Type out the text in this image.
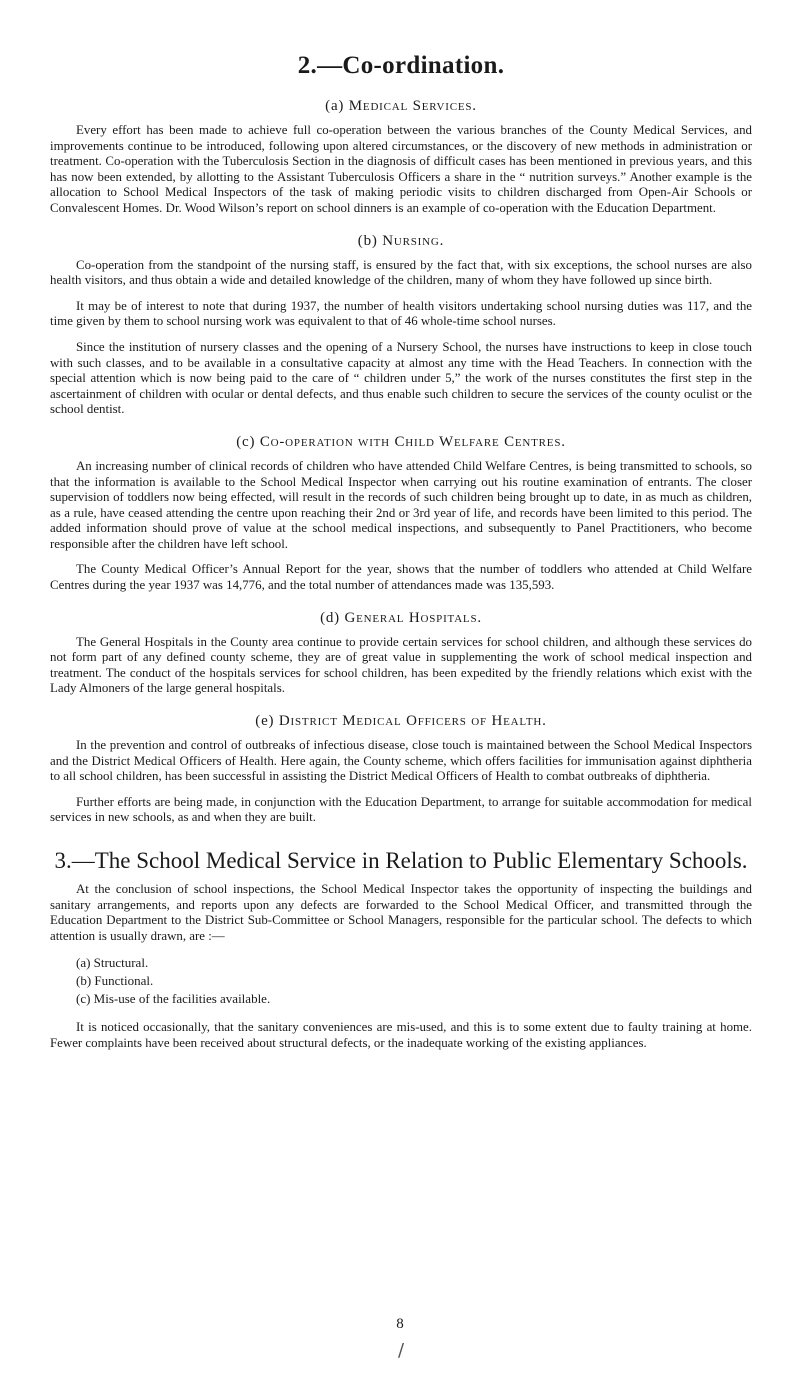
2.—Co-ordination.
(a) Medical Services.

Every effort has been made to achieve full co-operation between the various branches of the County Medical Services, and improvements continue to be introduced, following upon altered circumstances, or the discovery of new methods in administration or treatment. Co-operation with the Tuberculosis Section in the diagnosis of difficult cases has been mentioned in previous years, and this has now been extended, by allotting to the Assistant Tuberculosis Officers a share in the “ nutrition surveys.” Another example is the allocation to School Medical Inspectors of the task of making periodic visits to children discharged from Open-Air Schools or Convalescent Homes. Dr. Wood Wilson’s report on school dinners is an example of co-operation with the Education Department.

(b) Nursing.

Co-operation from the standpoint of the nursing staff, is ensured by the fact that, with six exceptions, the school nurses are also health visitors, and thus obtain a wide and detailed knowledge of the children, many of whom they have followed up since birth.

It may be of interest to note that during 1937, the number of health visitors undertaking school nursing duties was 117, and the time given by them to school nursing work was equivalent to that of 46 whole-time school nurses.

Since the institution of nursery classes and the opening of a Nursery School, the nurses have instructions to keep in close touch with such classes, and to be available in a consultative capacity at almost any time with the Head Teachers. In connection with the special attention which is now being paid to the care of “ children under 5,” the work of the nurses constitutes the first step in the ascertainment of children with ocular or dental defects, and thus enable such children to secure the services of the county oculist or the school dentist.

(c) Co-operation with Child Welfare Centres.

An increasing number of clinical records of children who have attended Child Welfare Centres, is being transmitted to schools, so that the information is available to the School Medical Inspector when carrying out his routine examination of entrants. The closer supervision of toddlers now being effected, will result in the records of such children being brought up to date, in as much as children, as a rule, have ceased attending the centre upon reaching their 2nd or 3rd year of life, and records have been limited to this period. The added information should prove of value at the school medical inspections, and subsequently to Panel Practitioners, who become responsible after the children have left school.

The County Medical Officer’s Annual Report for the year, shows that the number of toddlers who attended at Child Welfare Centres during the year 1937 was 14,776, and the total number of attendances made was 135,593.

(d) General Hospitals.

The General Hospitals in the County area continue to provide certain services for school children, and although these services do not form part of any defined county scheme, they are of great value in supplementing the work of school medical inspection and treatment. The conduct of the hospitals services for school children, has been expedited by the friendly relations which exist with the Lady Almoners of the large general hospitals.

(e) District Medical Officers of Health.

In the prevention and control of outbreaks of infectious disease, close touch is maintained between the School Medical Inspectors and the District Medical Officers of Health. Here again, the County scheme, which offers facilities for immunisation against diphtheria to all school children, has been successful in assisting the District Medical Officers of Health to combat outbreaks of diphtheria.

Further efforts are being made, in conjunction with the Education Department, to arrange for suitable accommodation for medical services in new schools, as and when they are built.

3.—The School Medical Service in Relation to Public Elementary Schools.

At the conclusion of school inspections, the School Medical Inspector takes the opportunity of inspecting the buildings and sanitary arrangements, and reports upon any defects are forwarded to the School Medical Officer, and transmitted through the Education Department to the District Sub-Committee or School Managers, responsible for the particular school. The defects to which attention is usually drawn, are :—

(a) Structural.
(b) Functional.
(c) Mis-use of the facilities available.

It is noticed occasionally, that the sanitary conveniences are mis-used, and this is to some extent due to faulty training at home. Fewer complaints have been received about structural defects, or the inadequate working of the existing appliances.

8
/
